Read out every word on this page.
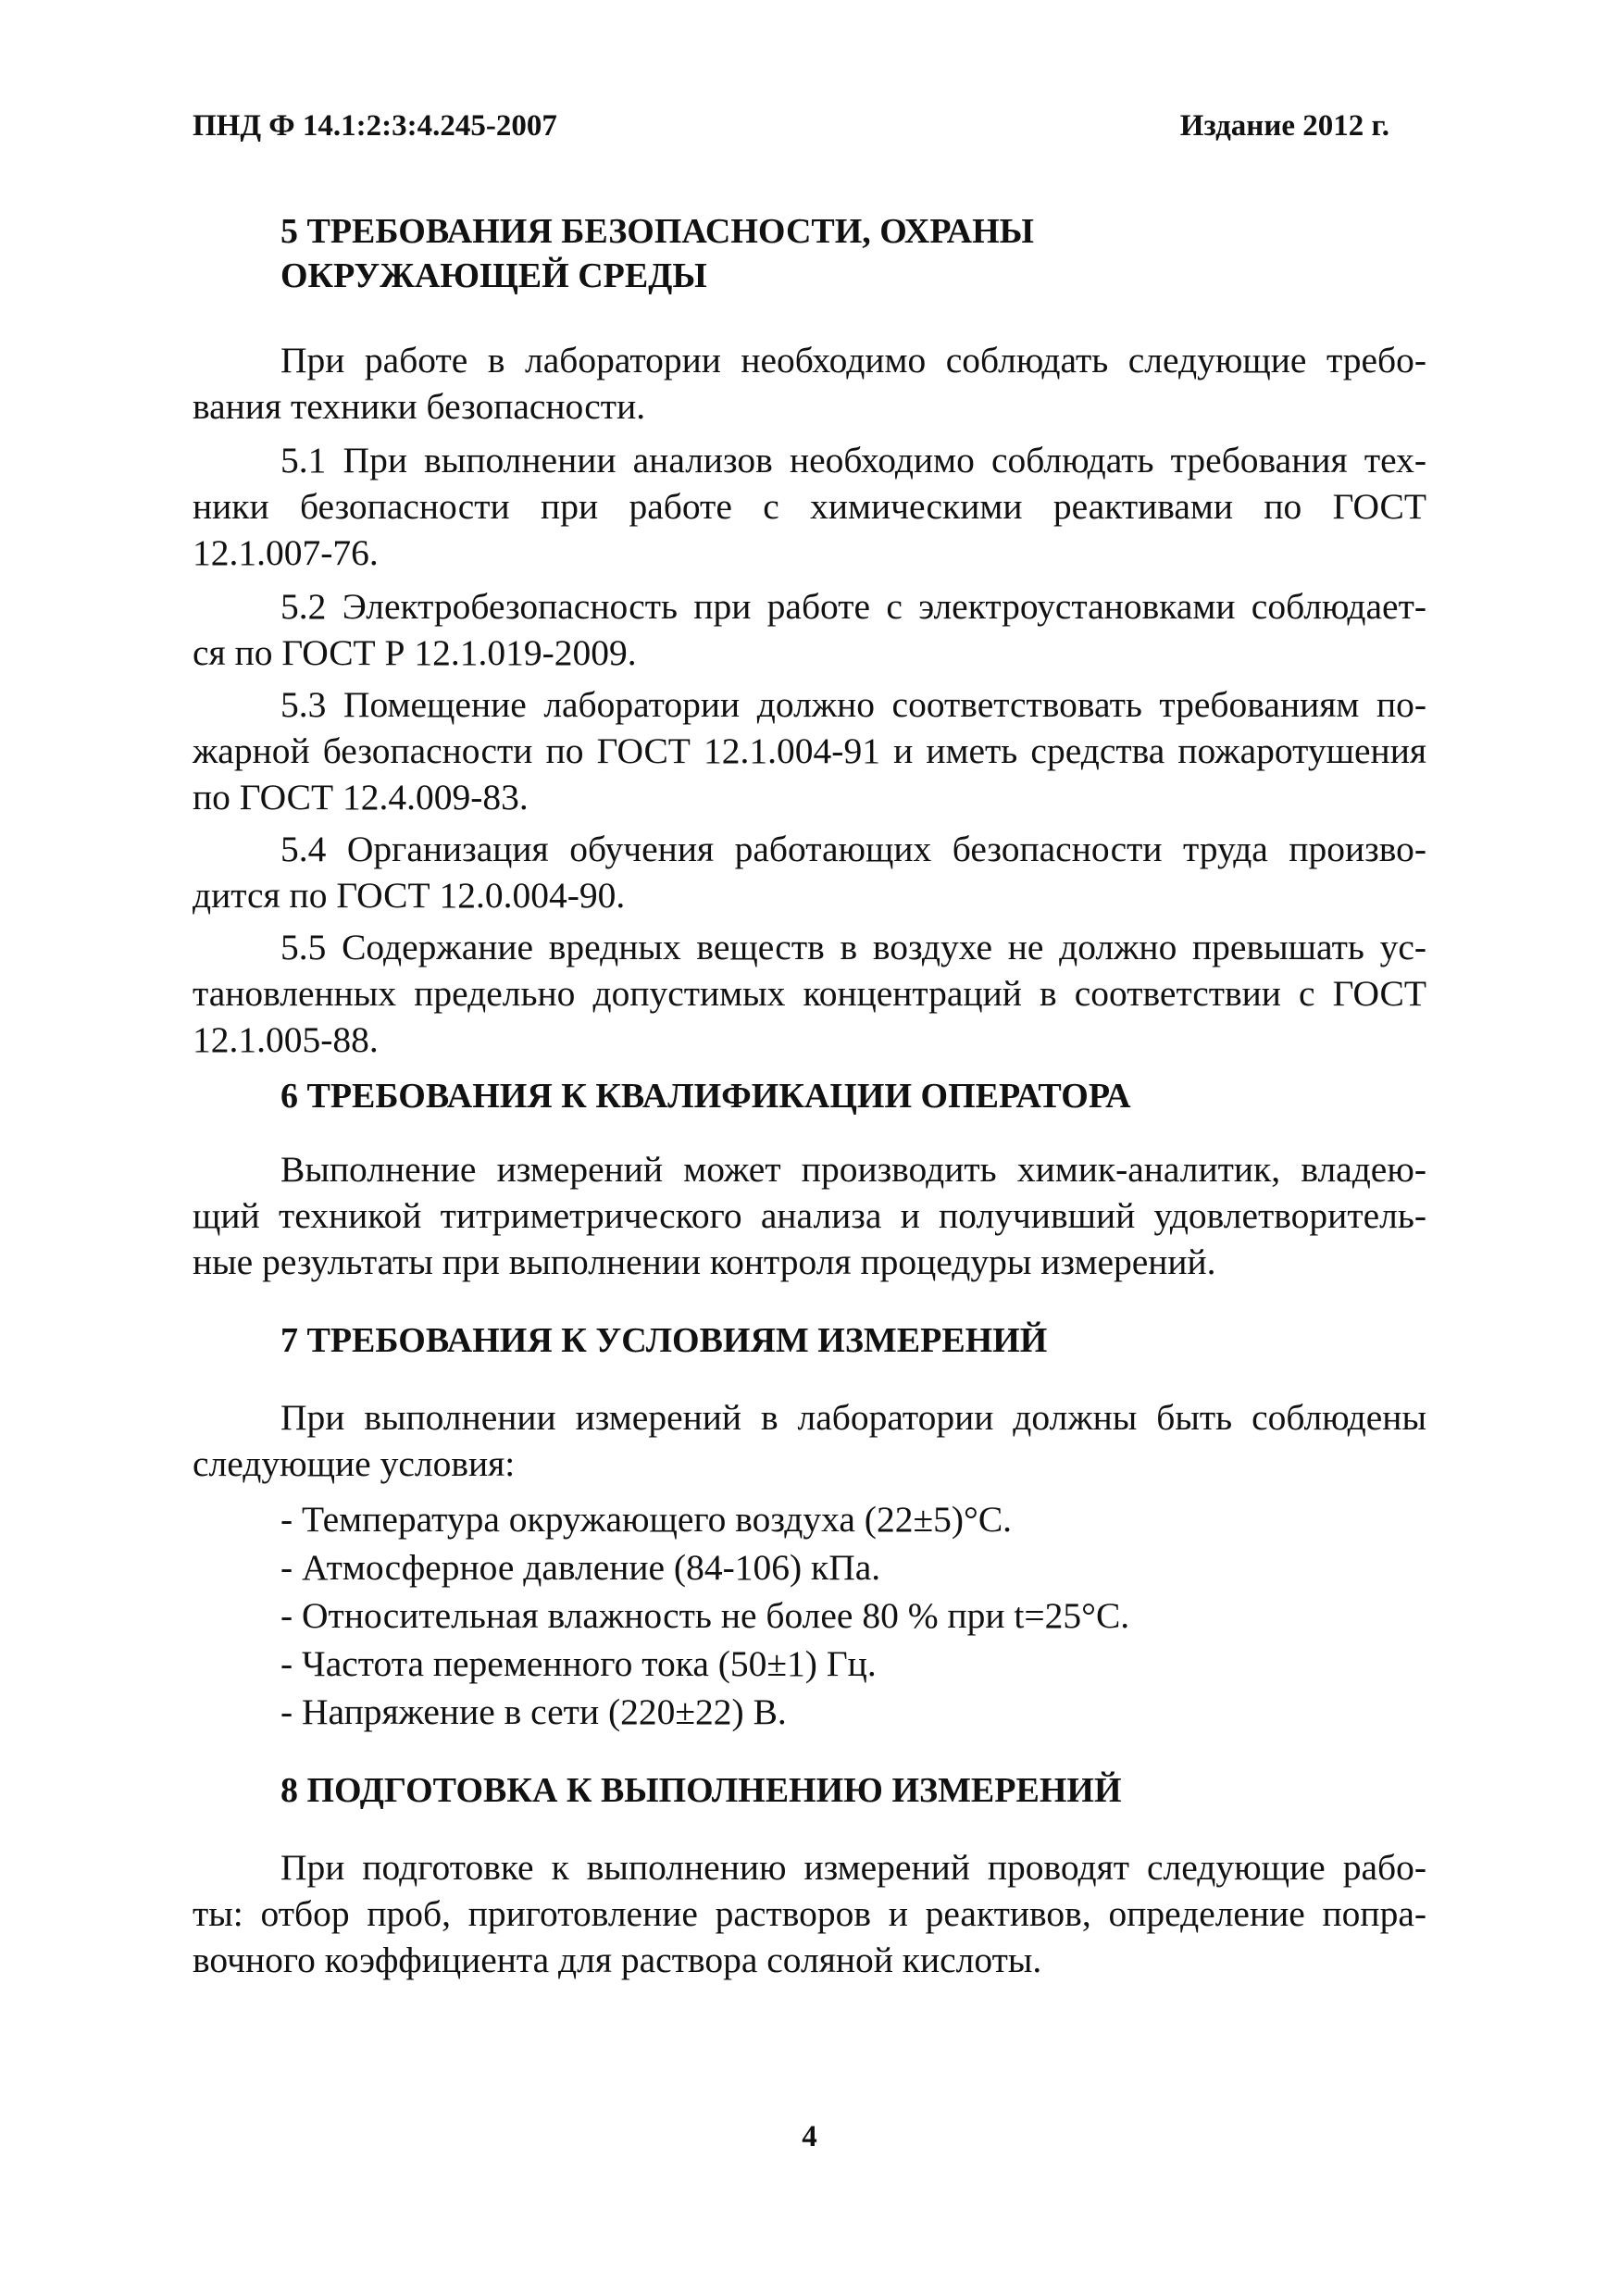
ПНД Ф 14.1:2:3:4.245-2007	Издание 2012 г.
5 ТРЕБОВАНИЯ БЕЗОПАСНОСТИ, ОХРАНЫ
ОКРУЖАЮЩЕЙ СРЕДЫ
При работе в лаборатории необходимо соблюдать следующие требо-
вания техники безопасности.
5.1 При выполнении анализов необходимо соблюдать требования тех-
ники безопасности при работе с химическими реактивами по ГОСТ
12.1.007-76.
5.2 Электробезопасность при работе с электроустановками соблюдает-
ся по ГОСТ Р 12.1.019-2009.
5.3 Помещение лаборатории должно соответствовать требованиям по-
жарной безопасности по ГОСТ 12.1.004-91 и иметь средства пожаротушения
по ГОСТ 12.4.009-83.
5.4 Организация обучения работающих безопасности труда произво-
дится по ГОСТ 12.0.004-90.
5.5 Содержание вредных веществ в воздухе не должно превышать ус-
тановленных предельно допустимых концентраций в соответствии с ГОСТ
12.1.005-88.
6 ТРЕБОВАНИЯ К КВАЛИФИКАЦИИ ОПЕРАТОРА
Выполнение измерений может производить химик-аналитик, владею-
щий техникой титриметрического анализа и получивший удовлетворитель-
ные результаты при выполнении контроля процедуры измерений.
7 ТРЕБОВАНИЯ К УСЛОВИЯМ ИЗМЕРЕНИЙ
При выполнении измерений в лаборатории должны быть соблюдены
следующие условия:
- Температура окружающего воздуха (22±5)°С.
- Атмосферное давление (84-106) кПа.
- Относительная влажность не более 80 % при t=25°С.
- Частота переменного тока (50±1) Гц.
- Напряжение в сети (220±22) В.
8 ПОДГОТОВКА К ВЫПОЛНЕНИЮ ИЗМЕРЕНИЙ
При подготовке к выполнению измерений проводят следующие рабо-
ты: отбор проб, приготовление растворов и реактивов, определение попра-
вочного коэффициента для раствора соляной кислоты.
4
